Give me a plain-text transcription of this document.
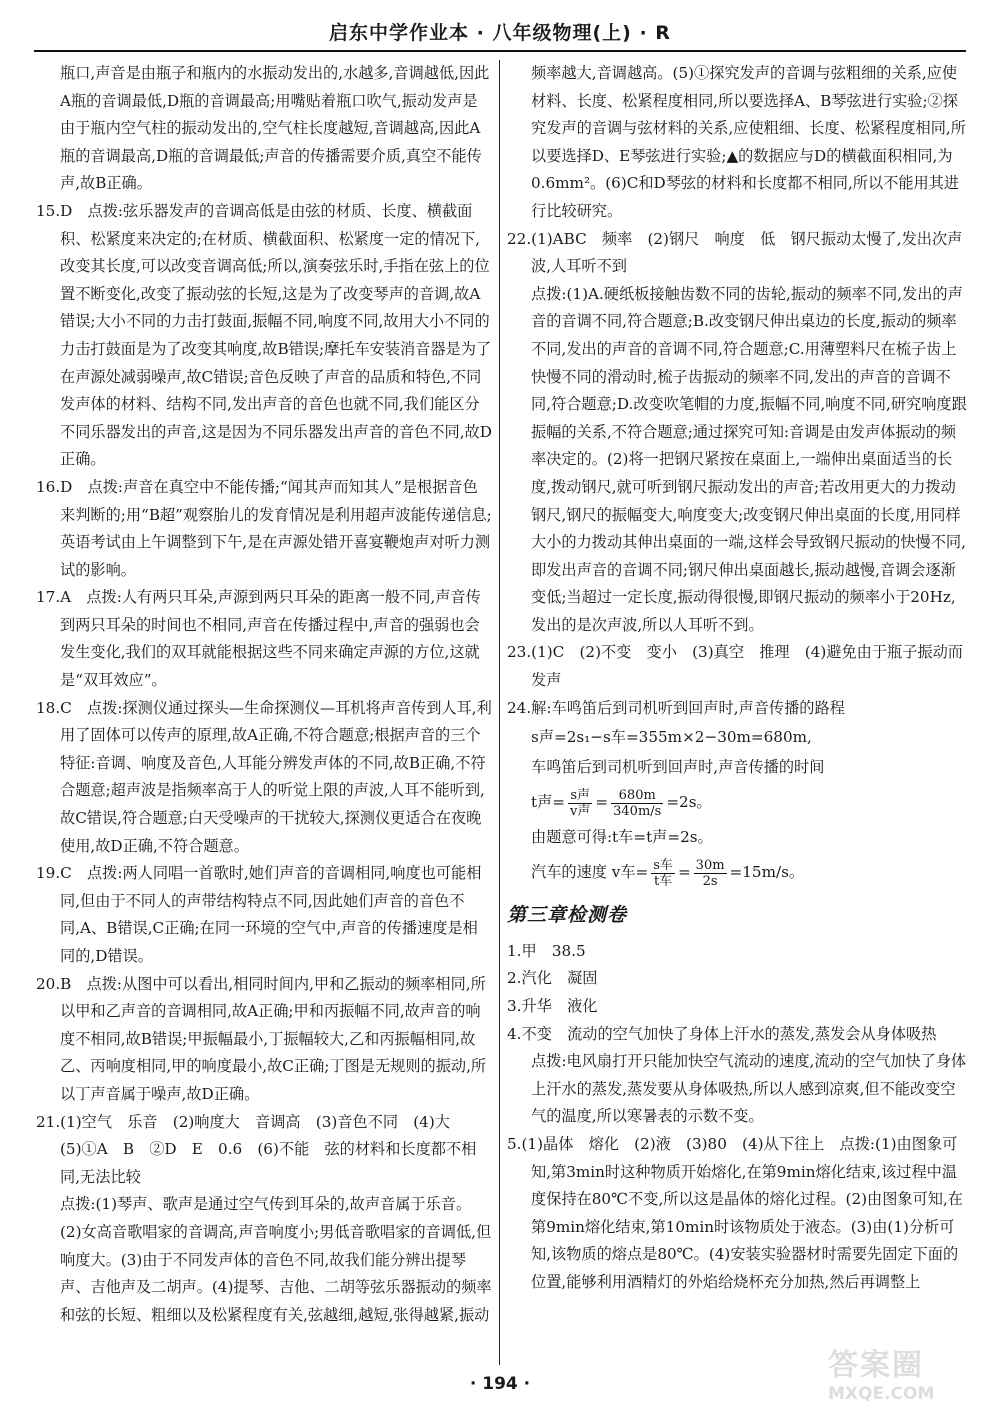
启东中学作业本 · 八年级物理(上) · R

瓶口,声音是由瓶子和瓶内的水振动发出的,水越多,音调越低,因此A瓶的音调最低,D瓶的音调最高;用嘴贴着瓶口吹气,振动发声是由于瓶内空气柱的振动发出的,空气柱长度越短,音调越高,因此A瓶的音调最高,D瓶的音调最低;声音的传播需要介质,真空不能传声,故B正确。

15.D　 点拨:弦乐器发声的音调高低是由弦的材质、长度、横截面积、松紧度来决定的;在材质、横截面积、松紧度一定的情况下,改变其长度,可以改变音调高低;所以,演奏弦乐时,手指在弦上的位置不断变化,改变了振动弦的长短,这是为了改变琴声的音调,故A错误;大小不同的力击打鼓面,振幅不同,响度不同,故用大小不同的力击打鼓面是为了改变其响度,故B错误;摩托车安装消音器是为了在声源处减弱噪声,故C错误;音色反映了声音的品质和特色,不同发声体的材料、结构不同,发出声音的音色也就不同,我们能区分不同乐器发出的声音,这是因为不同乐器发出声音的音色不同,故D正确。

16.D　 点拨:声音在真空中不能传播;“闻其声而知其人”是根据音色来判断的;用“B超”观察胎儿的发育情况是利用超声波能传递信息;英语考试由上午调整到下午,是在声源处错开喜宴鞭炮声对听力测试的影响。

17.A　 点拨:人有两只耳朵,声源到两只耳朵的距离一般不同,声音传到两只耳朵的时间也不相同,声音在传播过程中,声音的强弱也会发生变化,我们的双耳就能根据这些不同来确定声源的方位,这就是“双耳效应”。

18.C　 点拨:探测仪通过探头—生命探测仪—耳机将声音传到人耳,利用了固体可以传声的原理,故A正确,不符合题意;根据声音的三个特征:音调、响度及音色,人耳能分辨发声体的不同,故B正确,不符合题意;超声波是指频率高于人的听觉上限的声波,人耳不能听到,故C错误,符合题意;白天受噪声的干扰较大,探测仪更适合在夜晚使用,故D正确,不符合题意。

19.C　 点拨:两人同唱一首歌时,她们声音的音调相同,响度也可能相同,但由于不同人的声带结构特点不同,因此她们声音的音色不同,A、B错误,C正确;在同一环境的空气中,声音的传播速度是相同的,D错误。

20.B　 点拨:从图中可以看出,相同时间内,甲和乙振动的频率相同,所以甲和乙声音的音调相同,故A正确;甲和丙振幅不同,故声音的响度不相同,故B错误;甲振幅最小,丁振幅较大,乙和丙振幅相同,故乙、丙响度相同,甲的响度最小,故C正确;丁图是无规则的振动,所以丁声音属于噪声,故D正确。

21.(1)空气　乐音　(2)响度大　音调高　(3)音色不同　(4)大　(5)①A　B　②D　E　0.6　(6)不能　弦的材料和长度都不相同,无法比较

点拨:(1)琴声、歌声是通过空气传到耳朵的,故声音属于乐音。(2)女高音歌唱家的音调高,声音响度小;男低音歌唱家的音调低,但响度大。(3)由于不同发声体的音色不同,故我们能分辨出提琴声、吉他声及二胡声。(4)提琴、吉他、二胡等弦乐器振动的频率和弦的长短、粗细以及松紧程度有关,弦越细,越短,张得越紧,振动

频率越大,音调越高。(5)①探究发声的音调与弦粗细的关系,应使材料、长度、松紧程度相同,所以要选择A、B琴弦进行实验;②探究发声的音调与弦材料的关系,应使粗细、长度、松紧程度相同,所以要选择D、E琴弦进行实验;▲的数据应与D的横截面积相同,为0.6mm²。(6)C和D琴弦的材料和长度都不相同,所以不能用其进行比较研究。

22.(1)ABC　频率　(2)钢尺　响度　低　钢尺振动太慢了,发出次声波,人耳听不到

点拨:(1)A.硬纸板接触齿数不同的齿轮,振动的频率不同,发出的声音的音调不同,符合题意;B.改变钢尺伸出桌边的长度,振动的频率不同,发出的声音的音调不同,符合题意;C.用薄塑料尺在梳子齿上快慢不同的滑动时,梳子齿振动的频率不同,发出的声音的音调不同,符合题意;D.改变吹笔帽的力度,振幅不同,响度不同,研究响度跟振幅的关系,不符合题意;通过探究可知:音调是由发声体振动的频率决定的。(2)将一把钢尺紧按在桌面上,一端伸出桌面适当的长度,拨动钢尺,就可听到钢尺振动发出的声音;若改用更大的力拨动钢尺,钢尺的振幅变大,响度变大;改变钢尺伸出桌面的长度,用同样大小的力拨动其伸出桌面的一端,这样会导致钢尺振动的快慢不同,即发出声音的音调不同;钢尺伸出桌面越长,振动越慢,音调会逐渐变低;当超过一定长度,振动得很慢,即钢尺振动的频率小于20Hz,发出的是次声波,所以人耳听不到。

23.(1)C　(2)不变　变小　(3)真空　推理　(4)避免由于瓶子振动而发声

24.解:车鸣笛后到司机听到回声时,声音传播的路程

s声=2s₁−s车=355m×2−30m=680m,

车鸣笛后到司机听到回声时,声音传播的时间

t声= $\frac{\text{s声}}{\text{v声}} = \frac{680m}{340m/s} =2s$。

由题意可得:t车=t声=2s。

汽车的速度 v车= $\frac{\text{s车}}{\text{t车}} = \frac{30m}{2s} =15m/s$。

第三章检测卷

1.甲　38.5

2.汽化　凝固

3.升华　液化

4.不变　流动的空气加快了身体上汗水的蒸发,蒸发会从身体吸热

点拨:电风扇打开只能加快空气流动的速度,流动的空气加快了身体上汗水的蒸发,蒸发要从身体吸热,所以人感到凉爽,但不能改变空气的温度,所以寒暑表的示数不变。

5.(1)晶体　熔化　(2)液　(3)80　(4)从下往上　 点拨:(1)由图象可知,第3min时这种物质开始熔化,在第9min熔化结束,该过程中温度保持在80℃不变,所以这是晶体的熔化过程。(2)由图象可知,在第9min熔化结束,第10min时该物质处于液态。(3)由(1)分析可知,该物质的熔点是80℃。(4)安装实验器材时需要先固定下面的位置,能够利用酒精灯的外焰给烧杯充分加热,然后再调整上

· 194 ·
答案圈
MXQE.COM
